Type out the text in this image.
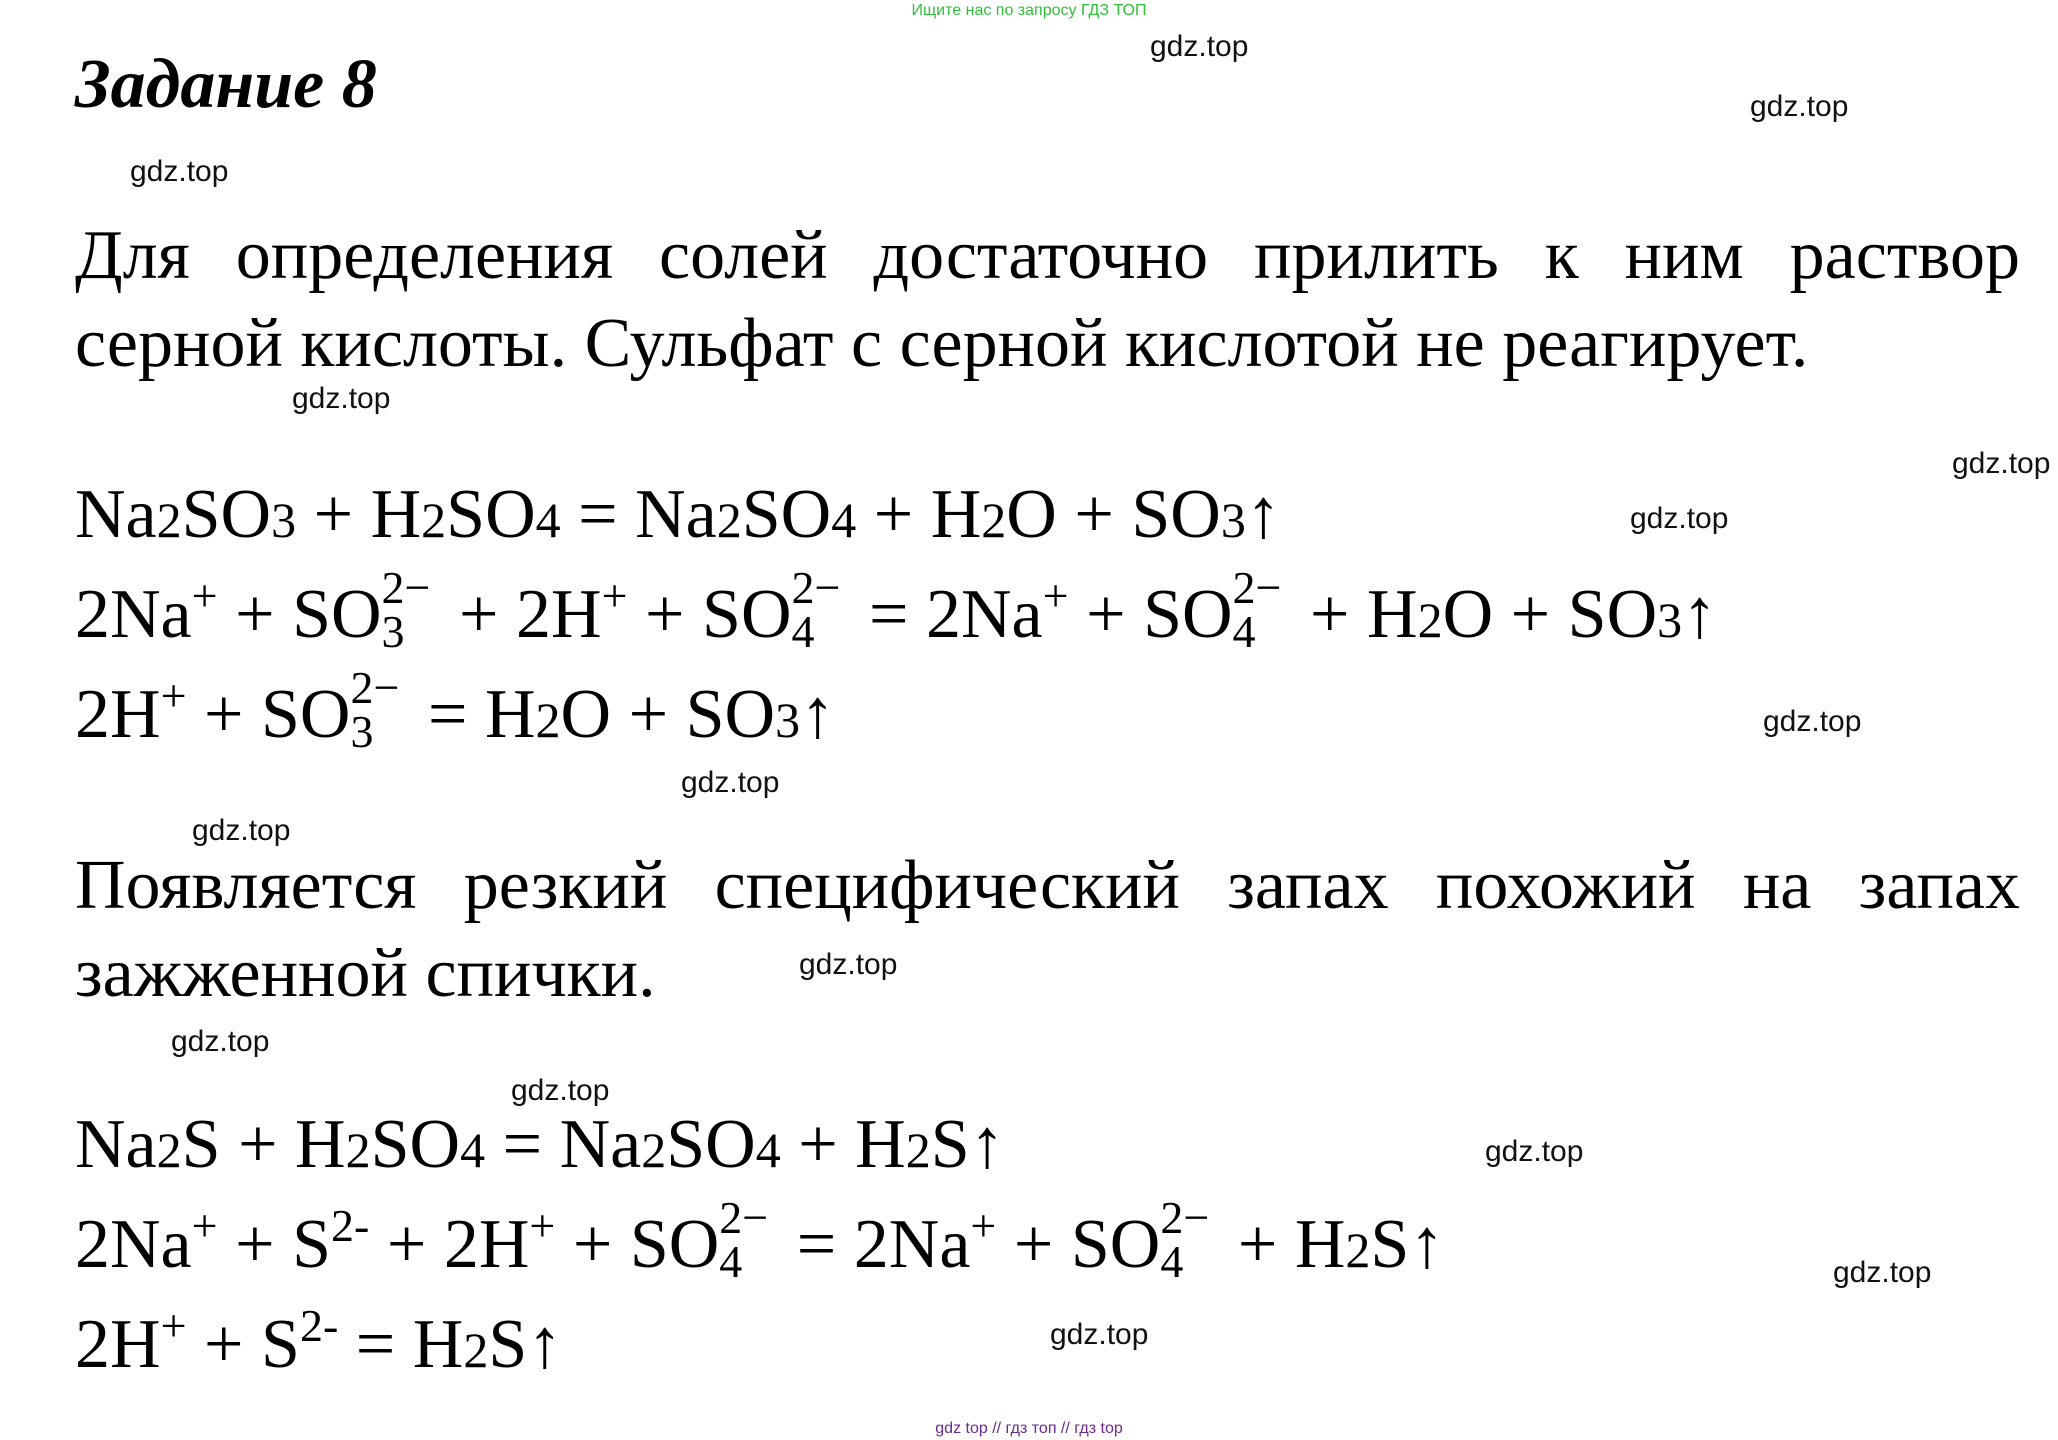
Ищите нас по запросу ГДЗ ТОП
Задание 8

Для определения солей достаточно прилить к ним раствор серной кислоты. Сульфат с серной кислотой не реагирует.

Na2SO3 + H2SO4 = Na2SO4 + H2O + SO3↑
2Na+ + SO 2−
3 + 2H+ + SO 2−
4 = 2Na+ + SO 2−
4 + H2O + SO3↑
2H+ + SO 2−
3 = H2O + SO3↑

Появляется резкий специфический запах похожий на запах зажженной спички.

Na2S + H2SO4 = Na2SO4 + H2S↑
$2Na^+ + S^{2-} + 2H^+$ + SO 2−
4 = 2Na+ + SO 2−
4 + H2S↑
$2H^+ + S^{2-}$ = H2S↑
gdz.top
gdz.top
gdz.top
gdz.top
gdz.top
gdz.top
gdz.top
gdz.top
gdz.top
gdz.top
gdz.top
gdz.top
gdz.top
gdz.top
gdz.top
gdz top // гдз топ // гдз top
